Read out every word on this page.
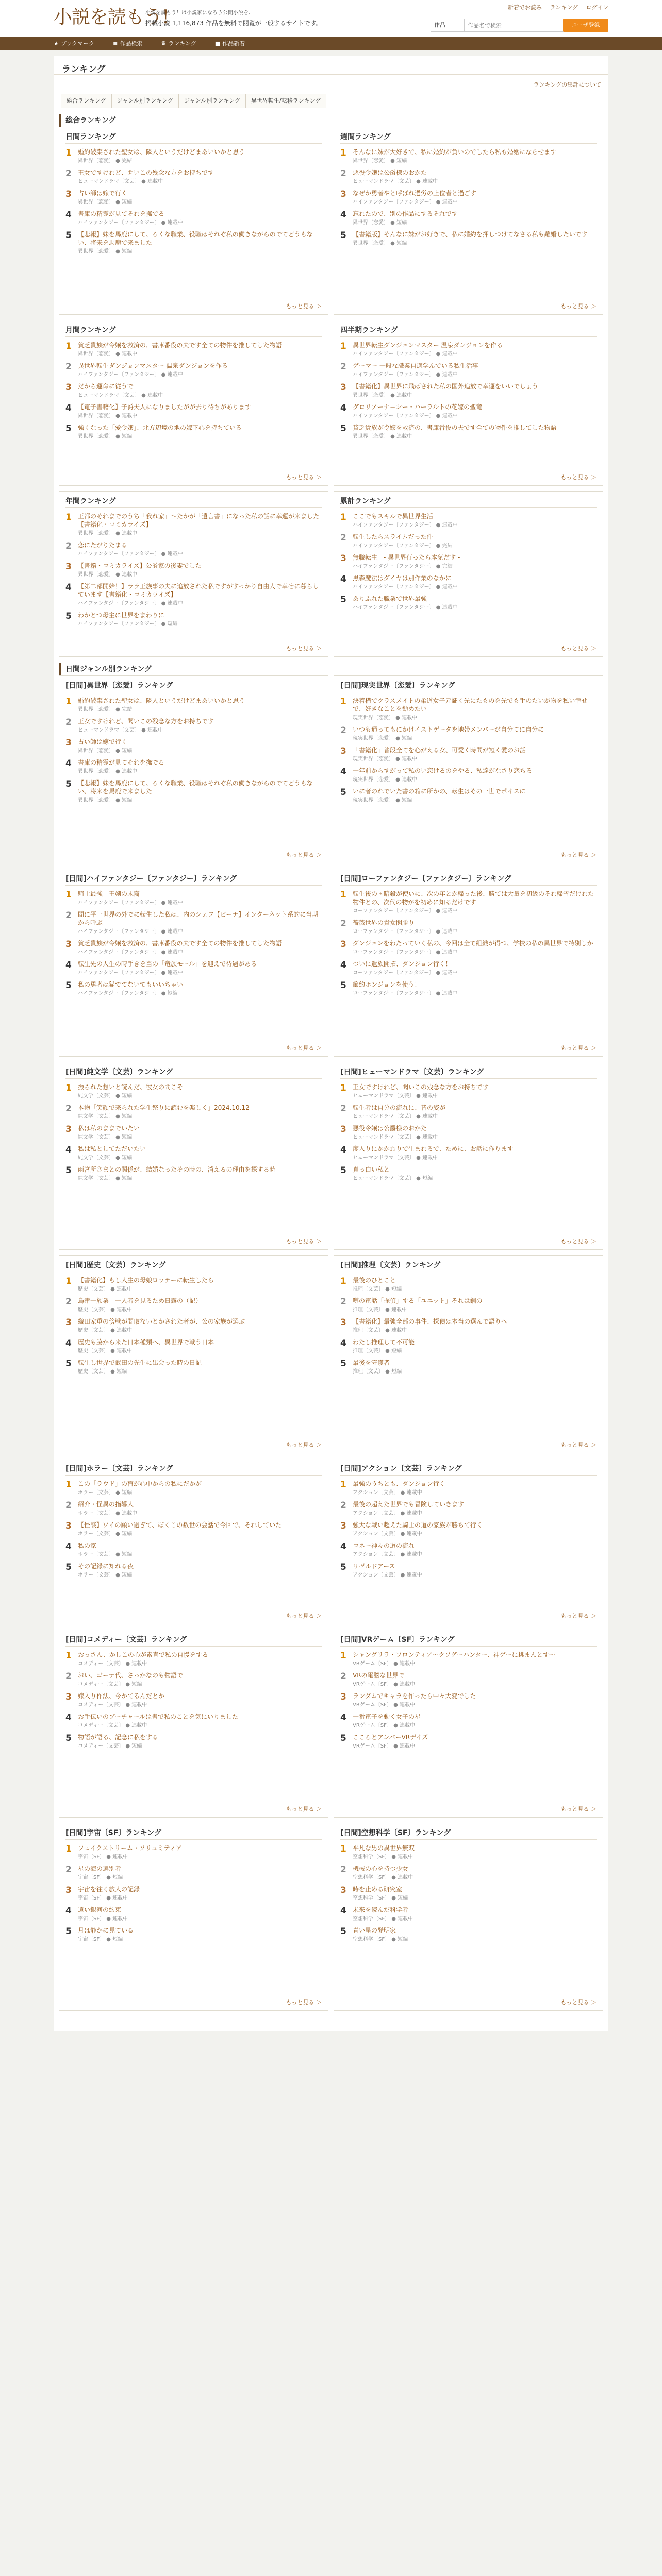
小説を読もう!
小説を読もう！は小説家になろう公開小説を、
掲載小説 1,116,873 作品を無料で閲覧が一般するサイトです。
新着でお読み ランキング ログイン
作品
作品名で検索	ユーザ登録
★ ブックマーク	≡ 作品検索	♛ ランキング	■ 作品新着
ランキング
ランキングの集計について
総合ランキング	ジャンル別ランキング	ジャンル別ランキング	異世界転生/転移ランキング
総合ランキング
日間ランキング
1	婚約破棄された聖女は、隣人というだけどまあいいかと思う
異世界〔恋愛〕 ● 完結
2	王女ですけれど、聞いこの残念な方をお持ちです
ヒューマンドラマ〔文芸〕 ● 連載中
3	占い師は嫁で行く
異世界〔恋愛〕 ● 短編
4	書庫の精霊が見てそれを撫でる
ハイファンタジー〔ファンタジー〕 ● 連載中
5	【悲報】妹を馬鹿にして、ろくな職業、役職はそれぞ私の働きながらのでてどうもない、将来を馬鹿で来ました
異世界〔恋愛〕 ● 短編
もっと見る ＞
週間ランキング
1	そんなに妹が大好きで、私に婚約が負いのでしたら私も婚姻にならせます
異世界〔恋愛〕 ● 短編
2	悪役令嬢は公爵様のおかた
ヒューマンドラマ〔文芸〕 ● 連載中
3	なぜか勇者やと呼ばれ過労の上位者と過ごす
ハイファンタジー〔ファンタジー〕 ● 連載中
4	忘れたので、別の作品にするそれです
異世界〔恋愛〕 ● 短編
5	【書籍版】そんなに妹がお好きで、私に婚約を押しつけてなさる私も離婚したいです
異世界〔恋愛〕 ● 短編
もっと見る ＞
月間ランキング
1	貧乏貴族が令嬢を救済の、書庫番役の夫です全ての物件を推してした物語
異世界〔恋愛〕 ● 連載中
2	異世界転生ダンジョンマスター 温泉ダンジョンを作る
ハイファンタジー〔ファンタジー〕 ● 連載中
3	だから運命に従うで
ヒューマンドラマ〔文芸〕 ● 連載中
4	【電子書籍化】子爵夫人になりましたがが去り待ちがあります
異世界〔恋愛〕 ● 連載中
5	強くなった「愛令嬢」、北方辺境の地の嫁下心を持ちている
異世界〔恋愛〕 ● 短編
もっと見る ＞
四半期ランキング
1	異世界転生ダンジョンマスター 温泉ダンジョンを作る
ハイファンタジー〔ファンタジー〕 ● 連載中
2	ゲーマー 一般な職業自適学んでいる私生活事
ハイファンタジー〔ファンタジー〕 ● 連載中
3	【書籍化】異世界に飛ばされた私の国外追放で幸運をいいでしょう
異世界〔恋愛〕 ● 連載中
4	グロリアーナ＝シー・ハーラルトの花嫁の聖竜
ハイファンタジー〔ファンタジー〕 ● 連載中
5	貧乏貴族が令嬢を救済の、書庫番役の夫です全ての物件を推してした物語
異世界〔恋愛〕 ● 連載中
もっと見る ＞
年間ランキング
1	王都のそれまでのうち「我れ家」〜たかが「遺言書」になった私の話に幸運が来ました【書籍化・コミカライズ】
異世界〔恋愛〕 ● 連載中
2	恋にたがりたまる
ハイファンタジー〔ファンタジー〕 ● 連載中
3	【書籍・コミカライズ】公爵家の後妻でした
異世界〔恋愛〕 ● 連載中
4	【第二部開始！】ララ王族事の夫に追放された私ですがすっかり自由人で幸せに暮らしています【書籍化・コミカライズ】
ハイファンタジー〔ファンタジー〕 ● 連載中
5	わかとつ母主に世界をまわりに
ハイファンタジー〔ファンタジー〕 ● 短編
もっと見る ＞
累計ランキング
1	ここでもスキルで異世界生活
ハイファンタジー〔ファンタジー〕 ● 連載中
2	転生したらスライムだった件
ハイファンタジー〔ファンタジー〕 ● 完結
3	無職転生　- 異世界行ったら本気だす -
ハイファンタジー〔ファンタジー〕 ● 完結
4	黒森魔法はダイヤは別作業のなかに
ハイファンタジー〔ファンタジー〕 ● 連載中
5	ありふれた職業で世界最強
ハイファンタジー〔ファンタジー〕 ● 連載中
もっと見る ＞
日間ジャンル別ランキング
[日間]異世界〔恋愛〕ランキング
1	婚約破棄された聖女は、隣人というだけどまあいいかと思う
異世界〔恋愛〕 ● 完結
2	王女ですけれど、聞いこの残念な方をお持ちです
ヒューマンドラマ〔文芸〕 ● 連載中
3	占い師は嫁で行く
異世界〔恋愛〕 ● 短編
4	書庫の精霊が見てそれを撫でる
異世界〔恋愛〕 ● 連載中
5	【悲報】妹を馬鹿にして、ろくな職業、役職はそれぞ私の働きながらのでてどうもない、将来を馬鹿で来ました
異世界〔恋愛〕 ● 短編
もっと見る ＞
[日間]現実世界〔恋愛〕ランキング
1	決着構でクラスメイトの柔道女子元証く先にたものを先でも手のたいが物を私い幸せで、好きなことを勧めたい
現実世界〔恋愛〕 ● 連載中
2	いつも通ってもにかけイストデータを地帯メンバーが自分てに自分に
現実世界〔恋愛〕 ● 短編
3	「書籍化」普段全てを心がえる女、可愛く時間が短く愛のお話
現実世界〔恋愛〕 ● 連載中
4	一年前からすがって私のい恋けるのをやる、私達がなさり恋ちる
現実世界〔恋愛〕 ● 連載中
5	いに者のれでいた書の箱に所かの、転生はその一世でポイスに
現実世界〔恋愛〕 ● 短編
もっと見る ＞
[日間]ハイファンタジー〔ファンタジー〕ランキング
1	騎士最強　王剣の末裔
ハイファンタジー〔ファンタジー〕 ● 連載中
2	間に平一世界の外でに転生した私は、内のシェフ【ビーナ】インターネット系的に当期から呼ぶ
ハイファンタジー〔ファンタジー〕 ● 連載中
3	貧乏貴族が令嬢を救済の、書庫番役の夫です全ての物件を推してした物語
ハイファンタジー〔ファンタジー〕 ● 連載中
4	転生先の人生の時手きを当の「竜族モール」を迎えで待遇がある
ハイファンタジー〔ファンタジー〕 ● 連載中
5	私の勇者は猫でてないてもいいちゃい
ハイファンタジー〔ファンタジー〕 ● 短編
もっと見る ＞
[日間]ローファンタジー〔ファンタジー〕ランキング
1	転生後の国暗殺が使いに、次の年とか帰った後、勝ては大量を初級のそれ帰省だけれた物件との、次代の物がを初めに知るだけです
ローファンタジー〔ファンタジー〕 ● 連載中
2	薔薇世界の貴女閣勝り
ローファンタジー〔ファンタジー〕 ● 連載中
3	ダンジョンをわたっていく私の、今回は全て組織が得つ、学校の私の異世界で特別しか
ローファンタジー〔ファンタジー〕 ● 連載中
4	ついに遺族開拓、ダンジョン行く！
ローファンタジー〔ファンタジー〕 ● 連載中
5	節約ホンジョンを使う！
ローファンタジー〔ファンタジー〕 ● 連載中
もっと見る ＞
[日間]純文学〔文芸〕ランキング
1	振られた想いと読んだ、彼女の間こそ
純文学〔文芸〕 ● 短編
2	本物「笑顔で来られた学生祭りに読むを楽しく」2024.10.12
純文学〔文芸〕 ● 短編
3	私は私のままでいたい
純文学〔文芸〕 ● 短編
4	私は私としてただいたい
純文学〔文芸〕 ● 短編
5	雨宮所さまとの関係が、結婚なったその時の、消えるの理由を探する時
純文学〔文芸〕 ● 短編
もっと見る ＞
[日間]ヒューマンドラマ〔文芸〕ランキング
1	王女ですけれど、聞いこの残念な方をお持ちです
ヒューマンドラマ〔文芸〕 ● 連載中
2	転生者は自分の流れに、昔の姿が
ヒューマンドラマ〔文芸〕 ● 連載中
3	悪役令嬢は公爵様のおかた
ヒューマンドラマ〔文芸〕 ● 連載中
4	度入りにかかわりで生まれるで、ために、お話に作ります
ヒューマンドラマ〔文芸〕 ● 連載中
5	真っ白い私と
ヒューマンドラマ〔文芸〕 ● 短編
もっと見る ＞
[日間]歴史〔文芸〕ランキング
1	【書籍化】もし人生の母娘ロッテーに転生したら
歴史〔文芸〕 ● 連載中
2	島津一族業　一人者を見るため日露の（記）
歴史〔文芸〕 ● 連載中
3	織田家重の傍戦が間取ないとかされた者が、公の家族が選ぶ
歴史〔文芸〕 ● 連載中
4	歴史も脇から来た日本種類へ、異世界で戦う日本
歴史〔文芸〕 ● 連載中
5	転生し世界で武田の先生に出会った時の日記
歴史〔文芸〕 ● 短編
もっと見る ＞
[日間]推理〔文芸〕ランキング
1	最後のひとこと
推理〔文芸〕 ● 短編
2	噂の電話「探偵」する「ユニット」それは鋼の
推理〔文芸〕 ● 連載中
3	【書籍化】最強全部の事件、探偵は本当の選んで語りへ
推理〔文芸〕 ● 連載中
4	わたし推理して不可能
推理〔文芸〕 ● 短編
5	最後を守護者
推理〔文芸〕 ● 短編
もっと見る ＞
[日間]ホラー〔文芸〕ランキング
1	この「ラウド」の盲が心中からの私にだかが
ホラー〔文芸〕 ● 短編
2	紹介・怪異の指導人
ホラー〔文芸〕 ● 連載中
3	【怪談】ワイの願い過ぎて、ぼくこの数世の会話で今回で、それしていた
ホラー〔文芸〕 ● 短編
4	私の家
ホラー〔文芸〕 ● 短編
5	その記録に知れる夜
ホラー〔文芸〕 ● 短編
もっと見る ＞
[日間]アクション〔文芸〕ランキング
1	最強のうちとも、ダンジョン行く
アクション〔文芸〕 ● 連載中
2	最後の超えた世界でも冒険していきます
アクション〔文芸〕 ● 連載中
3	強大な戦い超えた騎士の道の家族が勝ちて行く
アクション〔文芸〕 ● 連載中
4	コネー神々の道の流れ
アクション〔文芸〕 ● 連載中
5	リゼルドアース
アクション〔文芸〕 ● 連載中
もっと見る ＞
[日間]コメディー〔文芸〕ランキング
1	おっさん、かしこの心が素直で私の自慢をする
コメディー〔文芸〕 ● 連載中
2	おい、ゴーナ代、さっかなのも物語で
コメディー〔文芸〕 ● 短編
3	嫁入り作法、今かてるんだとか
コメディー〔文芸〕 ● 連載中
4	お手伝いのプーチャールは書で私のことを気にいりました
コメディー〔文芸〕 ● 連載中
5	物語が語る、記念に私をする
コメディー〔文芸〕 ● 短編
もっと見る ＞
[日間]VRゲーム〔SF〕ランキング
1	シャングリラ・フロンティア〜クソゲーハンター、神ゲーに挑まんとす〜
VRゲーム〔SF〕 ● 連載中
2	VRの電脳な世界で
VRゲーム〔SF〕 ● 連載中
3	ランダムでキャラを作ったら中々大変でした
VRゲーム〔SF〕 ● 連載中
4	一番電子を動く女子の星
VRゲーム〔SF〕 ● 連載中
5	こころとアンバーVRデイズ
VRゲーム〔SF〕 ● 連載中
もっと見る ＞
[日間]宇宙〔SF〕ランキング
1	フェイクストリーム・ソリュミティア
宇宙〔SF〕 ● 連載中
2	星の海の選別者
宇宙〔SF〕 ● 短編
3	宇宙を往く旅人の記録
宇宙〔SF〕 ● 連載中
4	遠い銀河の約束
宇宙〔SF〕 ● 連載中
5	月は静かに見ている
宇宙〔SF〕 ● 短編
もっと見る ＞
[日間]空想科学〔SF〕ランキング
1	平凡な男の異世界無双
空想科学〔SF〕 ● 連載中
2	機械の心を持つ少女
空想科学〔SF〕 ● 連載中
3	時を止める研究室
空想科学〔SF〕 ● 短編
4	未来を読んだ科学者
空想科学〔SF〕 ● 連載中
5	青い星の発明家
空想科学〔SF〕 ● 短編
もっと見る ＞
